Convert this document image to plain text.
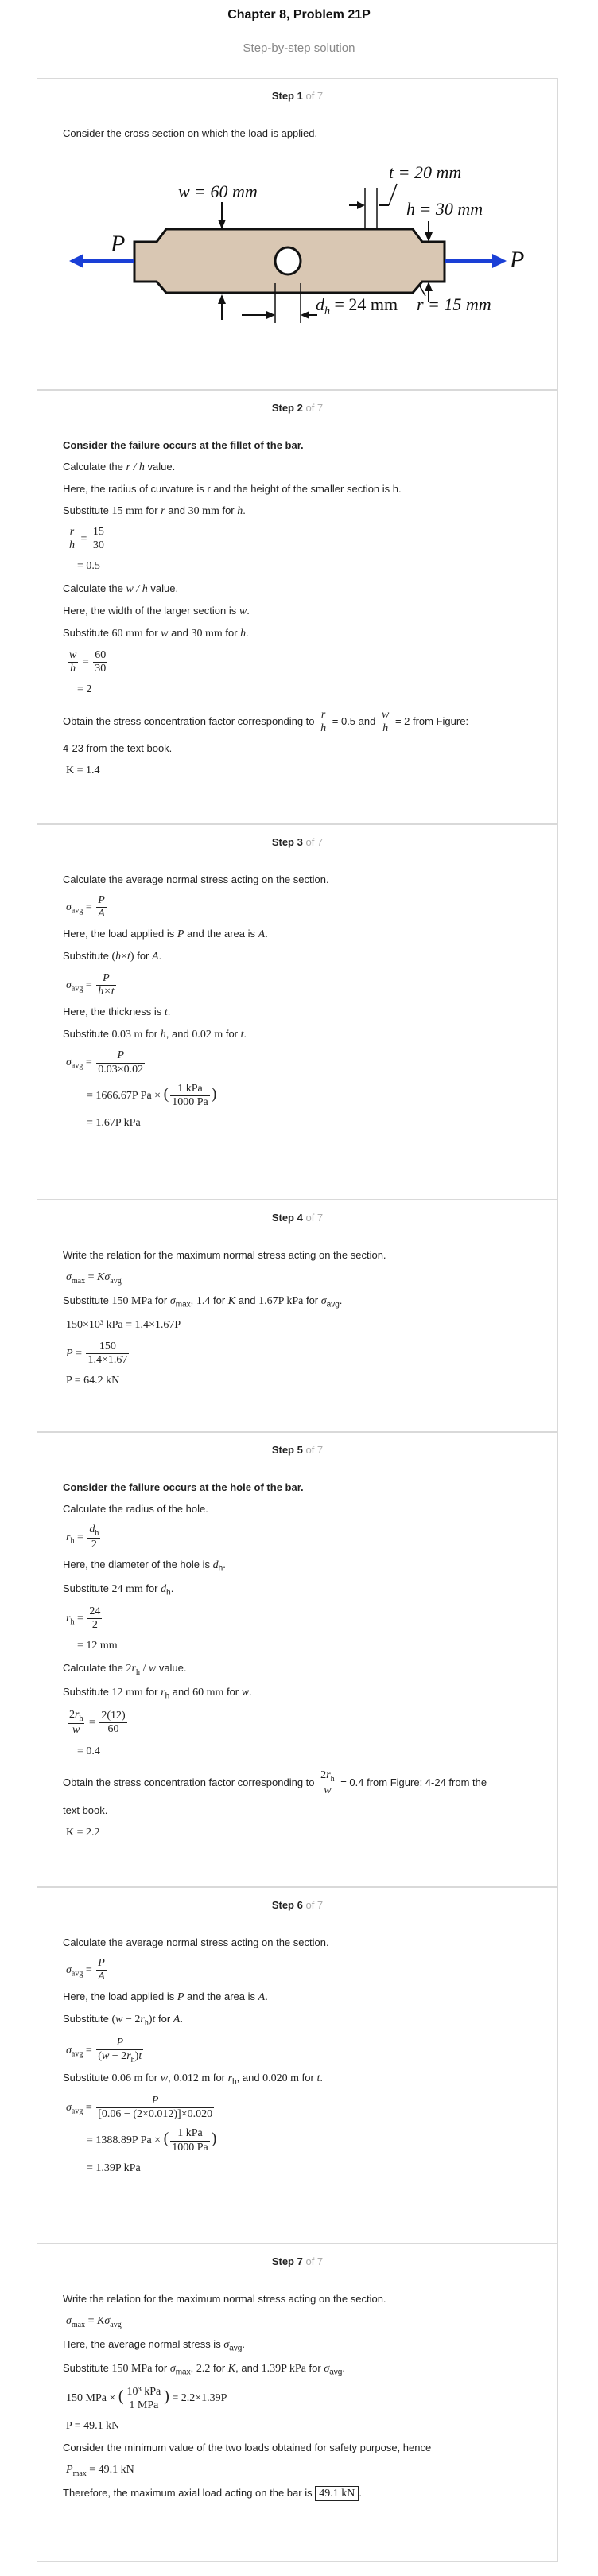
Chapter 8, Problem 21P
Step-by-step solution
Step 1 of 7

Consider the cross section on which the load is applied.

P
P
w = 60 mm
t = 20 mm
h = 30 mm
$d_h = 24$ mm r = 15 mm
Step 2 of 7

Consider the failure occurs at the fillet of the bar.

Calculate the r / h value.

Here, the radius of curvature is r and the height of the smaller section is h.

Substitute 15 mm for r and 30 mm for h.

$\frac{r}{h} = \frac{15}{30}$
= 0.5

Calculate the w / h value.

Here, the width of the larger section is w.

Substitute 60 mm for w and 30 mm for h.

$\frac{w}{h} = \frac{60}{30}$
= 2

Obtain the stress concentration factor corresponding to $\frac{r}{h} = 0.5$ and $\frac{w}{h} = 2$ from Figure:

4-23 from the text book.

K = 1.4
Step 3 of 7

Calculate the average normal stress acting on the section.

$\sigma_{avg} = \frac{P}{A}$

Here, the load applied is P and the area is A.

Substitute (h×t) for A.

$\sigma_{avg} = \frac{P}{h\times t}$

Here, the thickness is t.

Substitute 0.03 m for h, and 0.02 m for t.

$\sigma_{avg} = \frac{P}{0.03\times 0.02}$
= 1666.67P Pa × ( $\frac{\text{1 kPa}}{1000 Pa}$ )
= 1.67P kPa
Step 4 of 7

Write the relation for the maximum normal stress acting on the section.

$\sigma_{max} = K\sigma_{avg}$

Substitute 150 MPa for $\sigma_{max}$, 1.4 for K and 1.67P kPa for $\sigma_{avg}$.

150×10³ kPa = 1.4×1.67P
$P = \frac{150}{1.4\times 1.67}$
P = 64.2 kN
Step 5 of 7

Consider the failure occurs at the hole of the bar.

Calculate the radius of the hole.

$r_h = \frac{d_h}{2}$

Here, the diameter of the hole is $d_h$.

Substitute 24 mm for $d_h$.

$r_h = \frac{24}{2}$
= 12 mm

Calculate the $2r_h$ / w value.

Substitute 12 mm for $r_h$ and 60 mm for w.

$\frac{2r_h}{w} = \frac{2(12)}{60}$
= 0.4

Obtain the stress concentration factor corresponding to $\frac{2r_h}{w} = 0.4$ from Figure: 4-24 from the

text book.

K = 2.2
Step 6 of 7

Calculate the average normal stress acting on the section.

$\sigma_{avg} = \frac{P}{A}$

Here, the load applied is P and the area is A.

Substitute $(w - 2r_h)t$ for A.

$\sigma_{avg} = \frac{P}{(w - 2r_h)t}$

Substitute 0.06 m for w, 0.012 m for $r_h$, and 0.020 m for t.

$\sigma_{avg} = \frac{P}{[0.06 - (2\times 0.012)]\times 0.020}$
= 1388.89P Pa × ( $\frac{\text{1 kPa}}{1000 Pa}$ )
= 1.39P kPa
Step 7 of 7

Write the relation for the maximum normal stress acting on the section.

$\sigma_{max} = K\sigma_{avg}$

Here, the average normal stress is $\sigma_{avg}$.

Substitute 150 MPa for $\sigma_{max}$, 2.2 for K, and 1.39P kPa for $\sigma_{avg}$.

150 MPa × ( $\frac{\text{10³ kPa}}{\text{1 MPa}}$ ) = 2.2×1.39P
P = 49.1 kN

Consider the minimum value of the two loads obtained for safety purpose, hence

$P_{max} = 49.1$ kN

Therefore, the maximum axial load acting on the bar is 49.1 kN .
